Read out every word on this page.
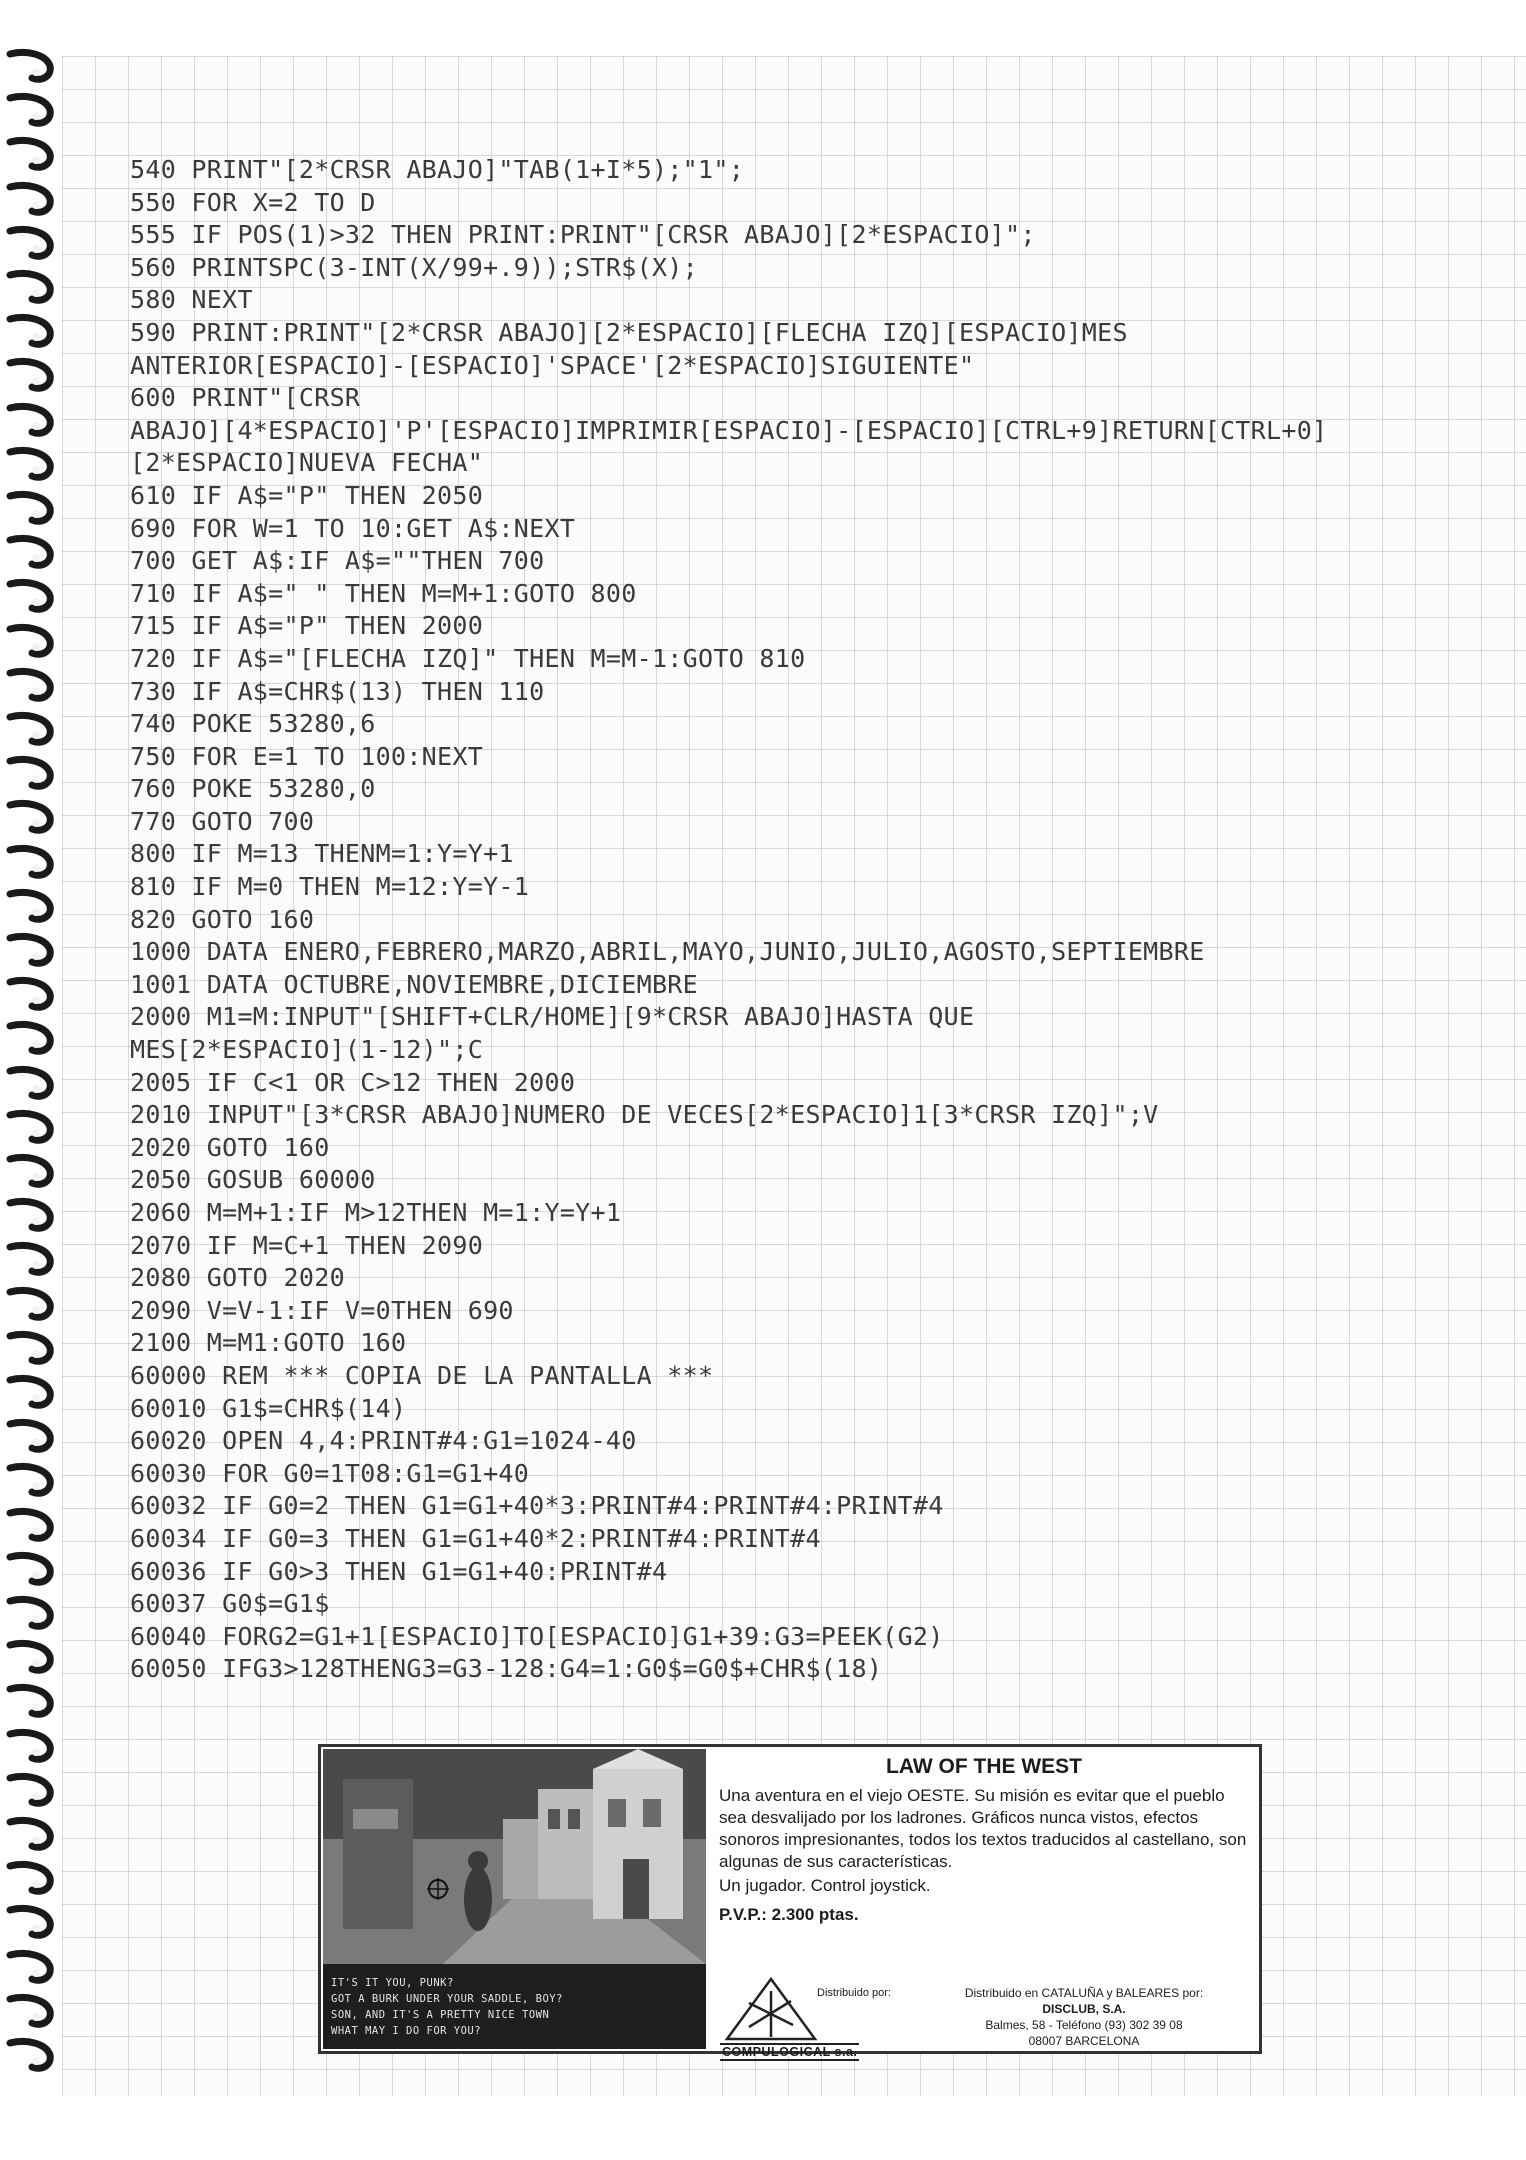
540 PRINT"[2*CRSR ABAJO]"TAB(1+I*5);"1";
550 FOR X=2 TO D
555 IF POS(1)>32 THEN PRINT:PRINT"[CRSR ABAJO][2*ESPACIO]";
560 PRINTSPC(3-INT(X/99+.9));STR$(X);
580 NEXT
590 PRINT:PRINT"[2*CRSR ABAJO][2*ESPACIO][FLECHA IZQ][ESPACIO]MES
ANTERIOR[ESPACIO]-[ESPACIO]'SPACE'[2*ESPACIO]SIGUIENTE"
600 PRINT"[CRSR
ABAJO][4*ESPACIO]'P'[ESPACIO]IMPRIMIR[ESPACIO]-[ESPACIO][CTRL+9]RETURN[CTRL+0]
[2*ESPACIO]NUEVA FECHA"
610 IF A$="P" THEN 2050
690 FOR W=1 TO 10:GET A$:NEXT
700 GET A$:IF A$=""THEN 700
710 IF A$=" " THEN M=M+1:GOTO 800
715 IF A$="P" THEN 2000
720 IF A$="[FLECHA IZQ]" THEN M=M-1:GOTO 810
730 IF A$=CHR$(13) THEN 110
740 POKE 53280,6
750 FOR E=1 TO 100:NEXT
760 POKE 53280,0
770 GOTO 700
800 IF M=13 THENM=1:Y=Y+1
810 IF M=0 THEN M=12:Y=Y-1
820 GOTO 160
1000 DATA ENERO,FEBRERO,MARZO,ABRIL,MAYO,JUNIO,JULIO,AGOSTO,SEPTIEMBRE
1001 DATA OCTUBRE,NOVIEMBRE,DICIEMBRE
2000 M1=M:INPUT"[SHIFT+CLR/HOME][9*CRSR ABAJO]HASTA QUE
MES[2*ESPACIO](1-12)";C
2005 IF C<1 OR C>12 THEN 2000
2010 INPUT"[3*CRSR ABAJO]NUMERO DE VECES[2*ESPACIO]1[3*CRSR IZQ]";V
2020 GOTO 160
2050 GOSUB 60000
2060 M=M+1:IF M>12THEN M=1:Y=Y+1
2070 IF M=C+1 THEN 2090
2080 GOTO 2020
2090 V=V-1:IF V=0THEN 690
2100 M=M1:GOTO 160
60000 REM *** COPIA DE LA PANTALLA ***
60010 G1$=CHR$(14)
60020 OPEN 4,4:PRINT#4:G1=1024-40
60030 FOR G0=1T08:G1=G1+40
60032 IF G0=2 THEN G1=G1+40*3:PRINT#4:PRINT#4:PRINT#4
60034 IF G0=3 THEN G1=G1+40*2:PRINT#4:PRINT#4
60036 IF G0>3 THEN G1=G1+40:PRINT#4
60037 G0$=G1$
60040 FORG2=G1+1[ESPACIO]TO[ESPACIO]G1+39:G3=PEEK(G2)
60050 IFG3>128THENG3=G3-128:G4=1:G0$=G0$+CHR$(18)
IT'S IT YOU, PUNK?
GOT A BURK UNDER YOUR SADDLE, BOY?
SON, AND IT'S A PRETTY NICE TOWN
WHAT MAY I DO FOR YOU?
LAW OF THE WEST
Una aventura en el viejo OESTE. Su misión es evitar que el pueblo sea desvalijado por los ladrones. Gráficos nunca vistos, efectos sonoros impresionantes, todos los textos traducidos al castellano, son algunas de sus características.
Un jugador. Control joystick.
P.V.P.: 2.300 ptas.
COMPULOGICAL s.a.
Distribuido por:	Distribuido en CATALUÑA y BALEARES por:
DISCLUB, S.A.
Balmes, 58 - Teléfono (93) 302 39 08
08007 BARCELONA
